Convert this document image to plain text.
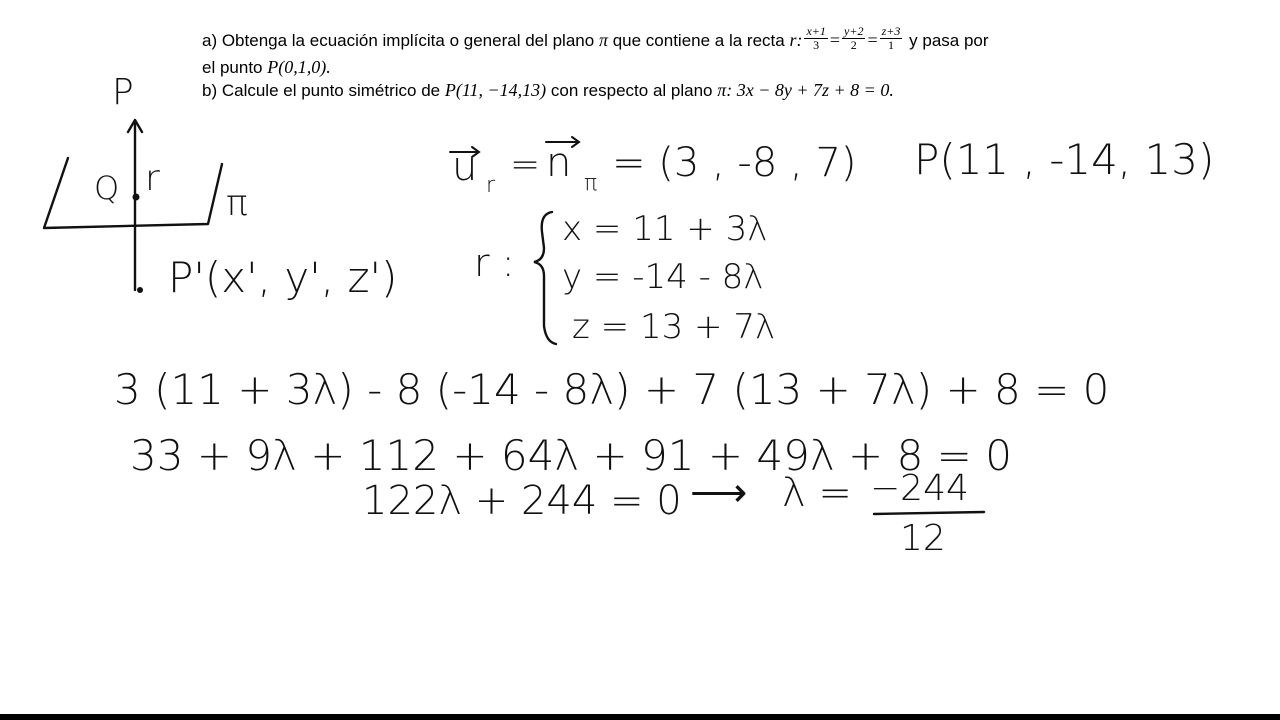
a) Obtenga la ecuación implícita o general del plano π que contiene a la recta r: $\frac{x+1}{3} = \frac{y+2}{2} = \frac{z+3}{1}$ y pasa por
el punto P(0,1,0).
b) Calcule el punto simétrico de P(11, −14,13) con respecto al plano π: 3x − 8y + 7z + 8 = 0.
P
Q r
π
P'(x', y', z')
u r
= n π = (3 , -8 , 7) P(11 , -14, 13)
r :
x = 11 + 3λ
y = -14 - 8λ
z = 13 + 7λ
3 (11 + 3λ) - 8 (-14 - 8λ) + 7 (13 + 7λ) + 8 = 0
33 + 9λ + 112 + 64λ + 91 + 49λ + 8 = 0
122λ + 244 = 0 ⟶ λ = −244
12
